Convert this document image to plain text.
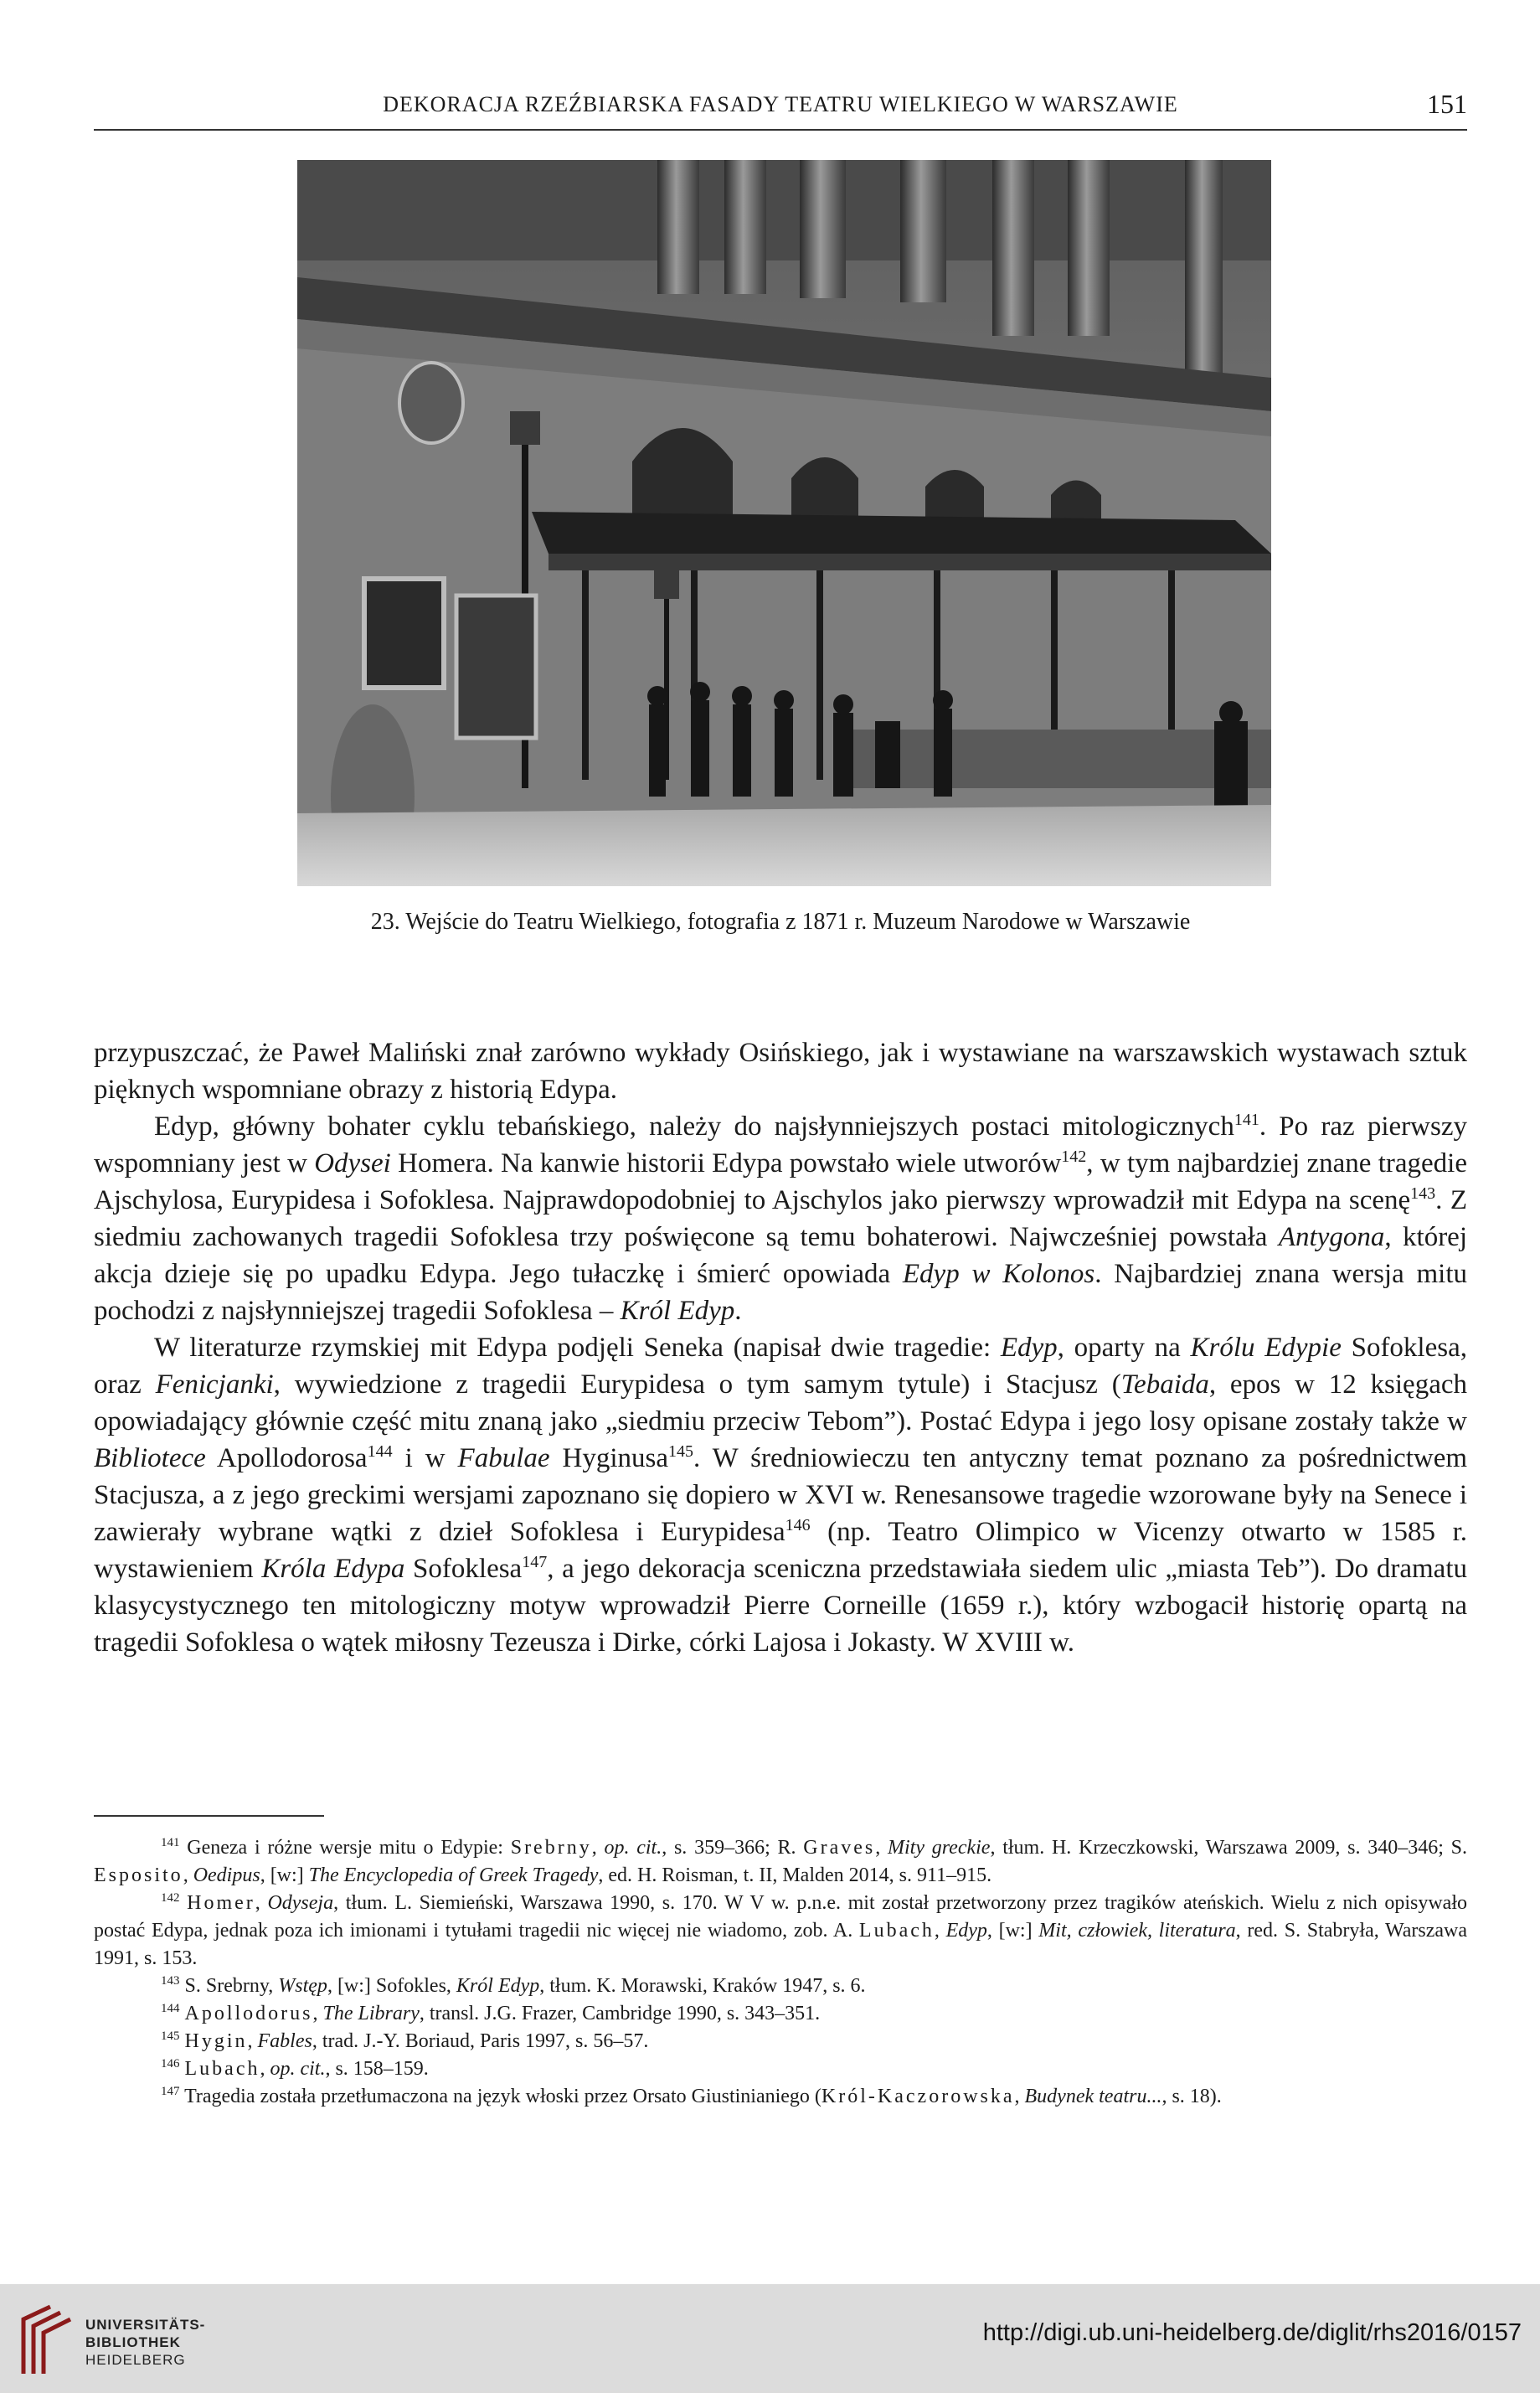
DEKORACJA RZEŹBIARSKA FASADY TEATRU WIELKIEGO W WARSZAWIE	151
23. Wejście do Teatru Wielkiego, fotografia z 1871 r. Muzeum Narodowe w Warszawie

przypuszczać, że Paweł Maliński znał zarówno wykłady Osińskiego, jak i wystawiane na warszawskich wystawach sztuk pięknych wspomniane obrazy z historią Edypa.

Edyp, główny bohater cyklu tebańskiego, należy do najsłynniejszych postaci mitologicznych$^{141}$. Po raz pierwszy wspomniany jest w Odysei Homera. Na kanwie historii Edypa powstało wiele utworów$^{142}$, w tym najbardziej znane tragedie Ajschylosa, Eurypidesa i Sofoklesa. Najprawdopodobniej to Ajschylos jako pierwszy wprowadził mit Edypa na scenę$^{143}$. Z siedmiu zachowanych tragedii Sofoklesa trzy poświęcone są temu bohaterowi. Najwcześniej powstała Antygona, której akcja dzieje się po upadku Edypa. Jego tułaczkę i śmierć opowiada Edyp w Kolonos. Najbardziej znana wersja mitu pochodzi z najsłynniejszej tragedii Sofoklesa – Król Edyp.

W literaturze rzymskiej mit Edypa podjęli Seneka (napisał dwie tragedie: Edyp, oparty na Królu Edypie Sofoklesa, oraz Fenicjanki, wywiedzione z tragedii Eurypidesa o tym samym tytule) i Stacjusz (Tebaida, epos w 12 księgach opowiadający głównie część mitu znaną jako „siedmiu przeciw Tebom”). Postać Edypa i jego losy opisane zostały także w Bibliotece Apollodorosa$^{144}$ i w Fabulae Hyginusa$^{145}$. W średniowieczu ten antyczny temat poznano za pośrednictwem Stacjusza, a z jego greckimi wersjami zapoznano się dopiero w XVI w. Renesansowe tragedie wzorowane były na Senece i zawierały wybrane wątki z dzieł Sofoklesa i Eurypidesa$^{146}$ (np. Teatro Olimpico w Vicenzy otwarto w 1585 r. wystawieniem Króla Edypa Sofoklesa$^{147}$, a jego dekoracja sceniczna przedstawiała siedem ulic „miasta Teb”). Do dramatu klasycystycznego ten mitologiczny motyw wprowadził Pierre Corneille (1659 r.), który wzbogacił historię opartą na tragedii Sofoklesa o wątek miłosny Tezeusza i Dirke, córki Lajosa i Jokasty. W XVIII w.

$^{141}$ Geneza i różne wersje mitu o Edypie: Srebrny, op. cit., s. 359–366; R. Graves, Mity greckie, tłum. H. Krzeczkowski, Warszawa 2009, s. 340–346; S. Esposito, Oedipus, [w:] The Encyclopedia of Greek Tragedy, ed. H. Roisman, t. II, Malden 2014, s. 911–915.

$^{142}$ Homer, Odyseja, tłum. L. Siemieński, Warszawa 1990, s. 170. W V w. p.n.e. mit został przetworzony przez tragików ateńskich. Wielu z nich opisywało postać Edypa, jednak poza ich imionami i tytułami tragedii nic więcej nie wiadomo, zob. A. Lubach, Edyp, [w:] Mit, człowiek, literatura, red. S. Stabryła, Warszawa 1991, s. 153.

$^{143}$ S. Srebrny, Wstęp, [w:] Sofokles, Król Edyp, tłum. K. Morawski, Kraków 1947, s. 6.

$^{144}$ Apollodorus, The Library, transl. J.G. Frazer, Cambridge 1990, s. 343–351.

$^{145}$ Hygin, Fables, trad. J.-Y. Boriaud, Paris 1997, s. 56–57.

$^{146}$ Lubach, op. cit., s. 158–159.

$^{147}$ Tragedia została przetłumaczona na język włoski przez Orsato Giustinianiego (Król-Kaczorowska, Budynek teatru..., s. 18).

UNIVERSITÄTS-
BIBLIOTHEK
HEIDELBERG
http://digi.ub.uni-heidelberg.de/diglit/rhs2016/0157
